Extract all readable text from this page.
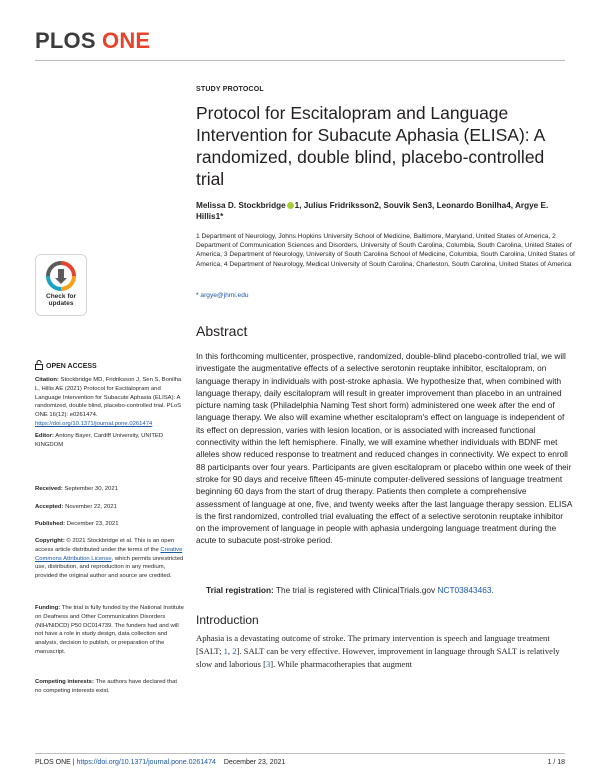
PLOS ONE
STUDY PROTOCOL
Protocol for Escitalopram and Language Intervention for Subacute Aphasia (ELISA): A randomized, double blind, placebo-controlled trial
Melissa D. Stockbridge 1, Julius Fridriksson2, Souvik Sen3, Leonardo Bonilha4, Argye E. Hillis1*
1 Department of Neurology, Johns Hopkins University School of Medicine, Baltimore, Maryland, United States of America, 2 Department of Communication Sciences and Disorders, University of South Carolina, Columbia, South Carolina, United States of America, 3 Department of Neurology, University of South Carolina School of Medicine, Columbia, South Carolina, United States of America, 4 Department of Neurology, Medical University of South Carolina, Charleston, South Carolina, United States of America
* argye@jhmi.edu
Abstract

In this forthcoming multicenter, prospective, randomized, double-blind placebo-controlled trial, we will investigate the augmentative effects of a selective serotonin reuptake inhibitor, escitalopram, on language therapy in individuals with post-stroke aphasia. We hypothesize that, when combined with language therapy, daily escitalopram will result in greater improvement than placebo in an untrained picture naming task (Philadelphia Naming Test short form) administered one week after the end of language therapy. We also will examine whether escitalopram's effect on language is independent of its effect on depression, varies with lesion location, or is associated with increased functional connectivity within the left hemisphere. Finally, we will examine whether individuals with BDNF met alleles show reduced response to treatment and reduced changes in connectivity. We expect to enroll 88 participants over four years. Participants are given escitalopram or placebo within one week of their stroke for 90 days and receive fifteen 45-minute computer-delivered sessions of language treatment beginning 60 days from the start of drug therapy. Patients then complete a comprehensive assessment of language at one, five, and twenty weeks after the last language therapy session. ELISA is the first randomized, controlled trial evaluating the effect of a selective serotonin reuptake inhibitor on the improvement of language in people with aphasia undergoing language treatment during the acute to subacute post-stroke period.

Trial registration: The trial is registered with ClinicalTrials.gov NCT03843463.
Introduction

Aphasia is a devastating outcome of stroke. The primary intervention is speech and language treatment [SALT; 1, 2]. SALT can be very effective. However, improvement in language through SALT is relatively slow and laborious [3]. While pharmacotherapies that augment

Check for
updates
OPEN ACCESS
Citation: Stockbridge MD, Fridriksson J, Sen S, Bonilha L, Hillis AE (2021) Protocol for Escitalopram and Language Intervention for Subacute Aphasia (ELISA): A randomized, double blind, placebo-controlled trial. PLoS ONE 16(12): e0261474. https://doi.org/10.1371/journal.pone.0261474
Editor: Antony Bayer, Cardiff University, UNITED KINGDOM
Received: September 30, 2021
Accepted: November 22, 2021
Published: December 23, 2021
Copyright: © 2021 Stockbridge et al. This is an open access article distributed under the terms of the Creative Commons Attribution License, which permits unrestricted use, distribution, and reproduction in any medium, provided the original author and source are credited.
Funding: The trial is fully funded by the National Institute on Deafness and Other Communication Disorders (NIH/NIDCD) P50 DC014739. The funders had and will not have a role in study design, data collection and analysis, decision to publish, or preparation of the manuscript.
Competing interests: The authors have declared that no competing interests exist.
PLOS ONE | https://doi.org/10.1371/journal.pone.0261474 December 23, 2021	1 / 18
